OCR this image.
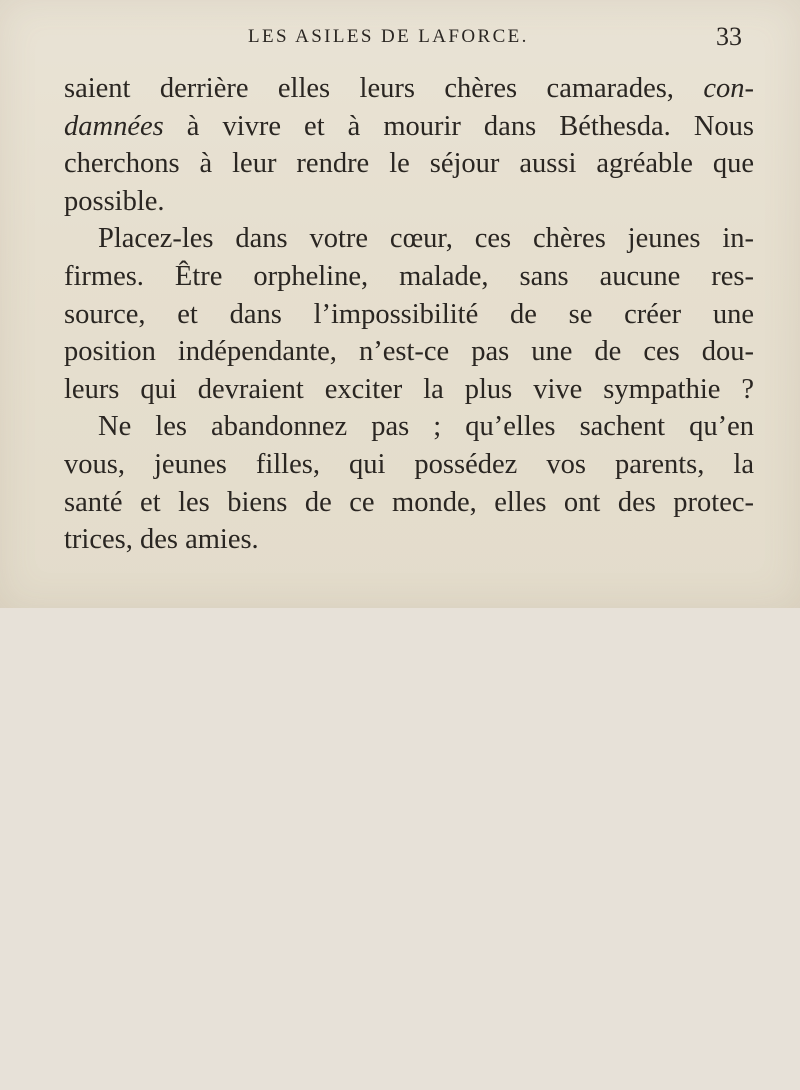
LES ASILES DE LAFORCE.	33
saient derrière elles leurs chères camarades, con-
damnées à vivre et à mourir dans Béthesda. Nous
cherchons à leur rendre le séjour aussi agréable que
possible.
Placez-les dans votre cœur, ces chères jeunes in-
firmes. Être orpheline, malade, sans aucune res-
source, et dans l’impossibilité de se créer une
position indépendante, n’est-ce pas une de ces dou-
leurs qui devraient exciter la plus vive sympathie ?
Ne les abandonnez pas ; qu’elles sachent qu’en
vous, jeunes filles, qui possédez vos parents, la
santé et les biens de ce monde, elles ont des protec-
trices, des amies.
